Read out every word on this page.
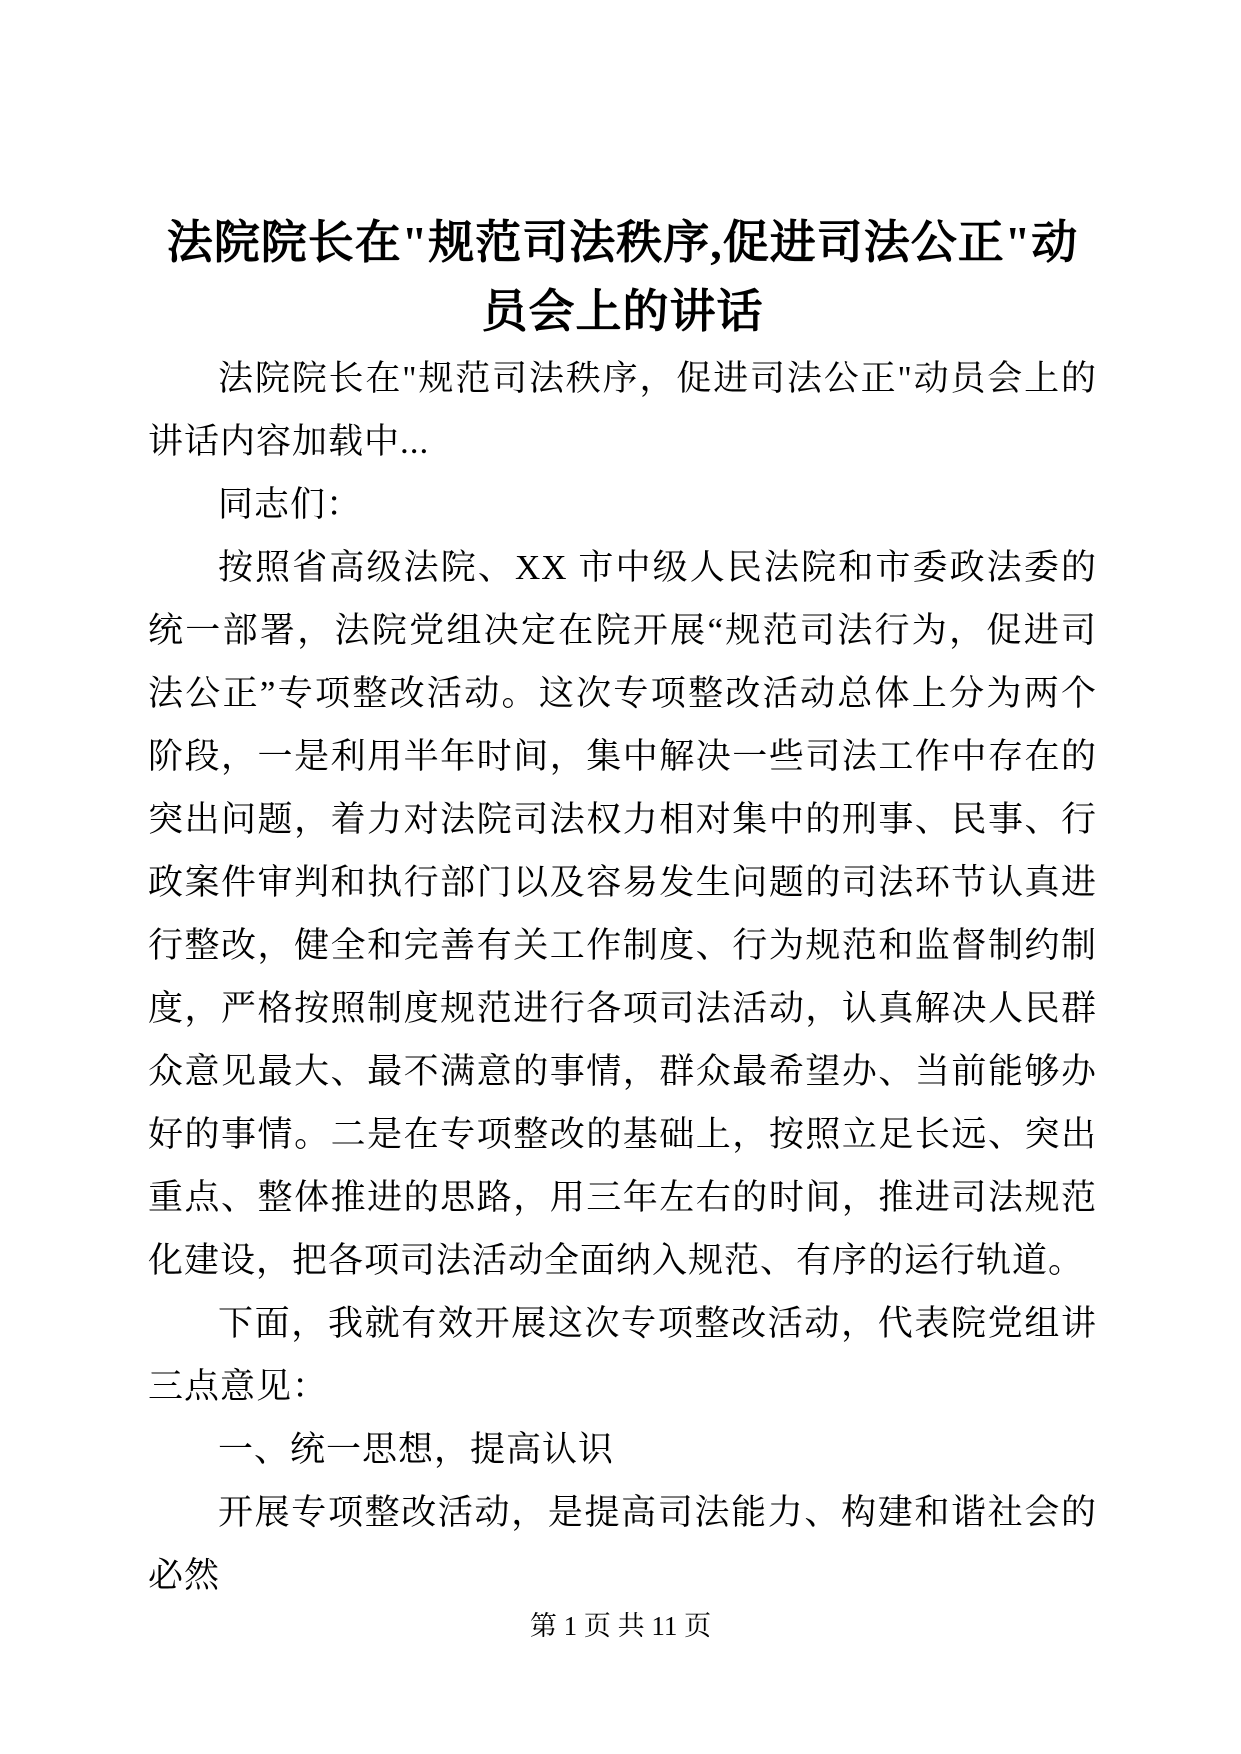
法院院长在"规范司法秩序,促进司法公正"动员会上的讲话

法院院长在"规范司法秩序，促进司法公正"动员会上的讲话内容加载中...

同志们：

按照省高级法院、XX 市中级人民法院和市委政法委的统一部署，法院党组决定在院开展“规范司法行为，促进司法公正”专项整改活动。这次专项整改活动总体上分为两个阶段，一是利用半年时间，集中解决一些司法工作中存在的突出问题，着力对法院司法权力相对集中的刑事、民事、行政案件审判和执行部门以及容易发生问题的司法环节认真进行整改，健全和完善有关工作制度、行为规范和监督制约制度，严格按照制度规范进行各项司法活动，认真解决人民群众意见最大、最不满意的事情，群众最希望办、当前能够办好的事情。二是在专项整改的基础上，按照立足长远、突出重点、整体推进的思路，用三年左右的时间，推进司法规范化建设，把各项司法活动全面纳入规范、有序的运行轨道。

下面，我就有效开展这次专项整改活动，代表院党组讲三点意见：

一、统一思想，提高认识

开展专项整改活动，是提高司法能力、构建和谐社会的必然

第 1 页 共 11 页
